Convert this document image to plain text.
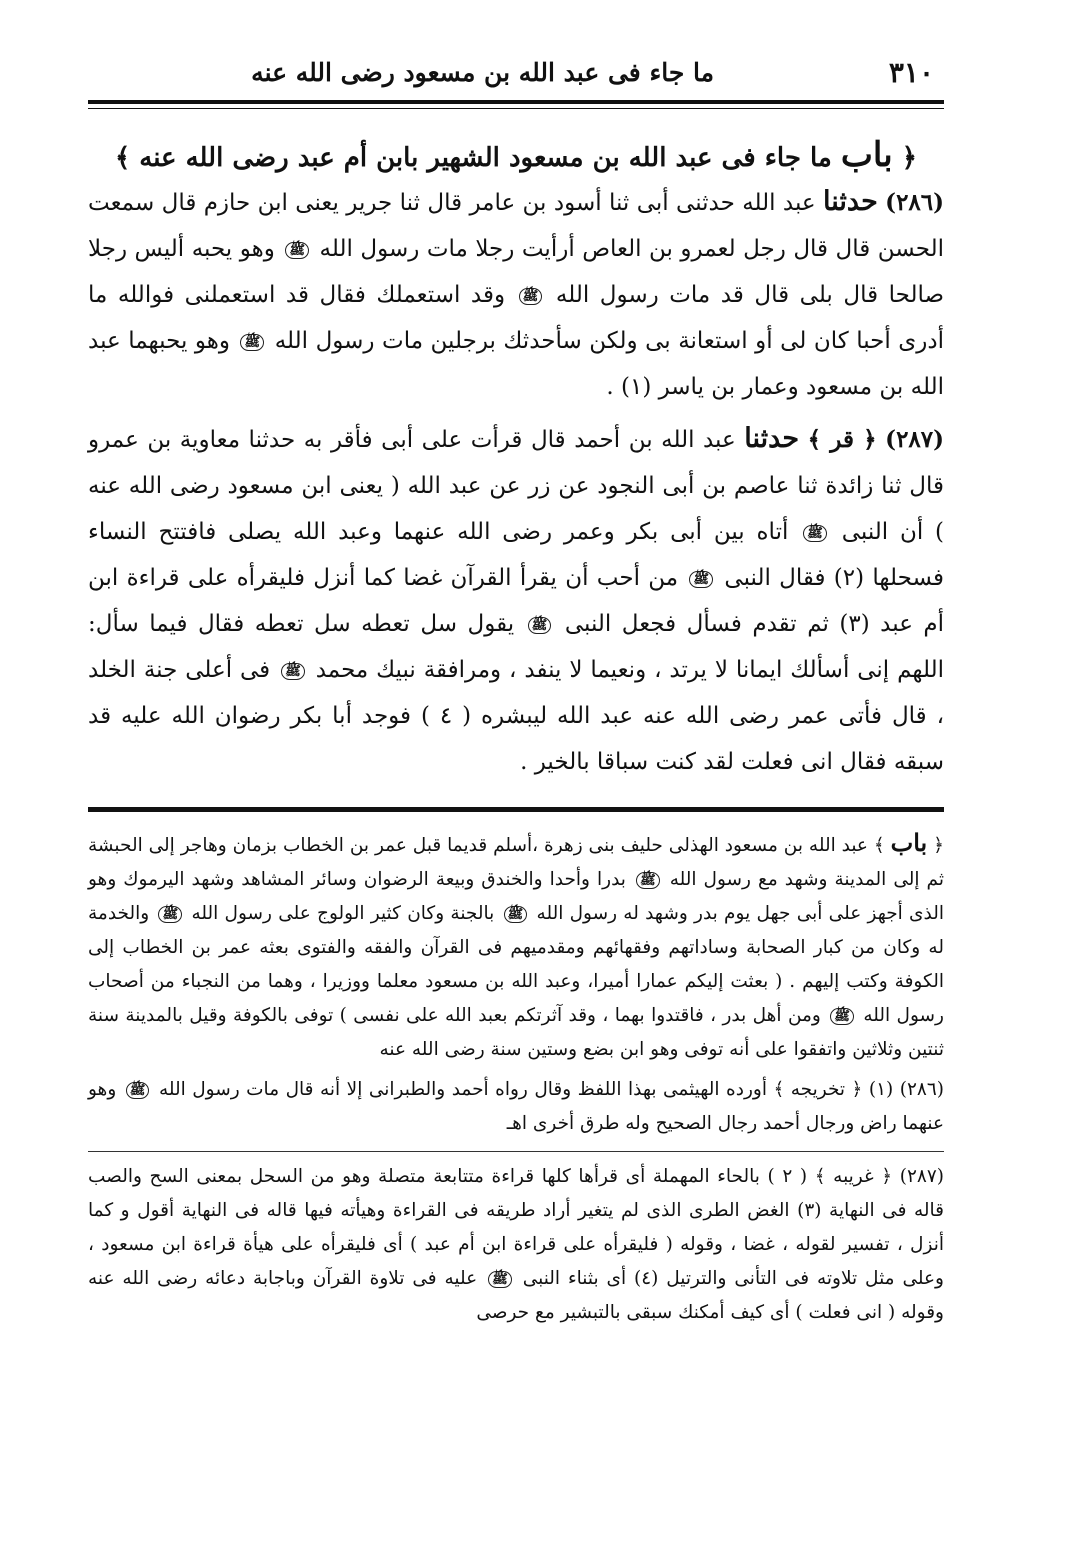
ما جاء فى عبد الله بن مسعود رضى الله عنه	٣١٠
﴿ باب ما جاء فى عبد الله بن مسعود الشهير بابن أم عبد رضى الله عنه ﴾

(٢٨٦) حدثنا عبد الله حدثنى أبى ثنا أسود بن عامر قال ثنا جرير يعنى ابن حازم قال سمعت الحسن قال قال رجل لعمرو بن العاص أرأيت رجلا مات رسول الله ﷺ وهو يحبه أليس رجلا صالحا قال بلى قال قد مات رسول الله ﷺ وقد استعملك فقال قد استعملنى فوالله ما أدرى أحبا كان لى أو استعانة بى ولكن سأحدثك برجلين مات رسول الله ﷺ وهو يحبهما عبد الله بن مسعود وعمار بن ياسر (١) .

(٢٨٧) ﴿ قر ﴾ حدثنا عبد الله بن أحمد قال قرأت على أبى فأقر به حدثنا معاوية بن عمرو قال ثنا زائدة ثنا عاصم بن أبى النجود عن زر عن عبد الله ( يعنى ابن مسعود رضى الله عنه ) أن النبى ﷺ أتاه بين أبى بكر وعمر رضى الله عنهما وعبد الله يصلى فافتتح النساء فسحلها (٢) فقال النبى ﷺ من أحب أن يقرأ القرآن غضا كما أنزل فليقرأه على قراءة ابن أم عبد (٣) ثم تقدم فسأل فجعل النبى ﷺ يقول سل تعطه سل تعطه فقال فيما سأل: اللهم إنى أسألك ايمانا لا يرتد ، ونعيما لا ينفد ، ومرافقة نبيك محمد ﷺ فى أعلى جنة الخلد ، قال فأتى عمر رضى الله عنه عبد الله ليبشره ( ٤ ) فوجد أبا بكر رضوان الله عليه قد سبقه فقال انى فعلت لقد كنت سباقا بالخير .

﴿ باب ﴾ عبد الله بن مسعود الهذلى حليف بنى زهرة ،أسلم قديما قبل عمر بن الخطاب بزمان وهاجر إلى الحبشة ثم إلى المدينة وشهد مع رسول الله ﷺ بدرا وأحدا والخندق وبيعة الرضوان وسائر المشاهد وشهد اليرموك وهو الذى أجهز على أبى جهل يوم بدر وشهد له رسول الله ﷺ بالجنة وكان كثير الولوج على رسول الله ﷺ والخدمة له وكان من كبار الصحابة وساداتهم وفقهائهم ومقدميهم فى القرآن والفقه والفتوى بعثه عمر بن الخطاب إلى الكوفة وكتب إليهم . ( بعثت إليكم عمارا أميرا، وعبد الله بن مسعود معلما ووزيرا ، وهما من النجباء من أصحاب رسول الله ﷺ ومن أهل بدر ، فاقتدوا بهما ، وقد آثرتكم بعبد الله على نفسى ) توفى بالكوفة وقيل بالمدينة سنة ثنتين وثلاثين واتفقوا على أنه توفى وهو ابن بضع وستين سنة رضى الله عنه

(٢٨٦) (١) ﴿ تخريجه ﴾ أورده الهيثمى بهذا اللفظ وقال رواه أحمد والطبرانى إلا أنه قال مات رسول الله ﷺ وهو عنهما راض ورجال أحمد رجال الصحيح وله طرق أخرى اهـ

(٢٨٧) ﴿ غريبه ﴾ ( ٢ ) بالحاء المهملة أى قرأها كلها قراءة متتابعة متصلة وهو من السحل بمعنى السح والصب قاله فى النهاية (٣) الغض الطرى الذى لم يتغير أراد طريقه فى القراءة وهيأته فيها قاله فى النهاية أقول و كما أنزل ، تفسير لقوله ، غضا ، وقوله ( فليقرأه على قراءة ابن أم عبد ) أى فليقرأه على هيأة قراءة ابن مسعود ، وعلى مثل تلاوته فى التأنى والترتيل (٤) أى بثناء النبى ﷺ عليه فى تلاوة القرآن وباجابة دعائه رضى الله عنه وقوله ( انى فعلت ) أى كيف أمكنك سبقى بالتبشير مع حرصى
